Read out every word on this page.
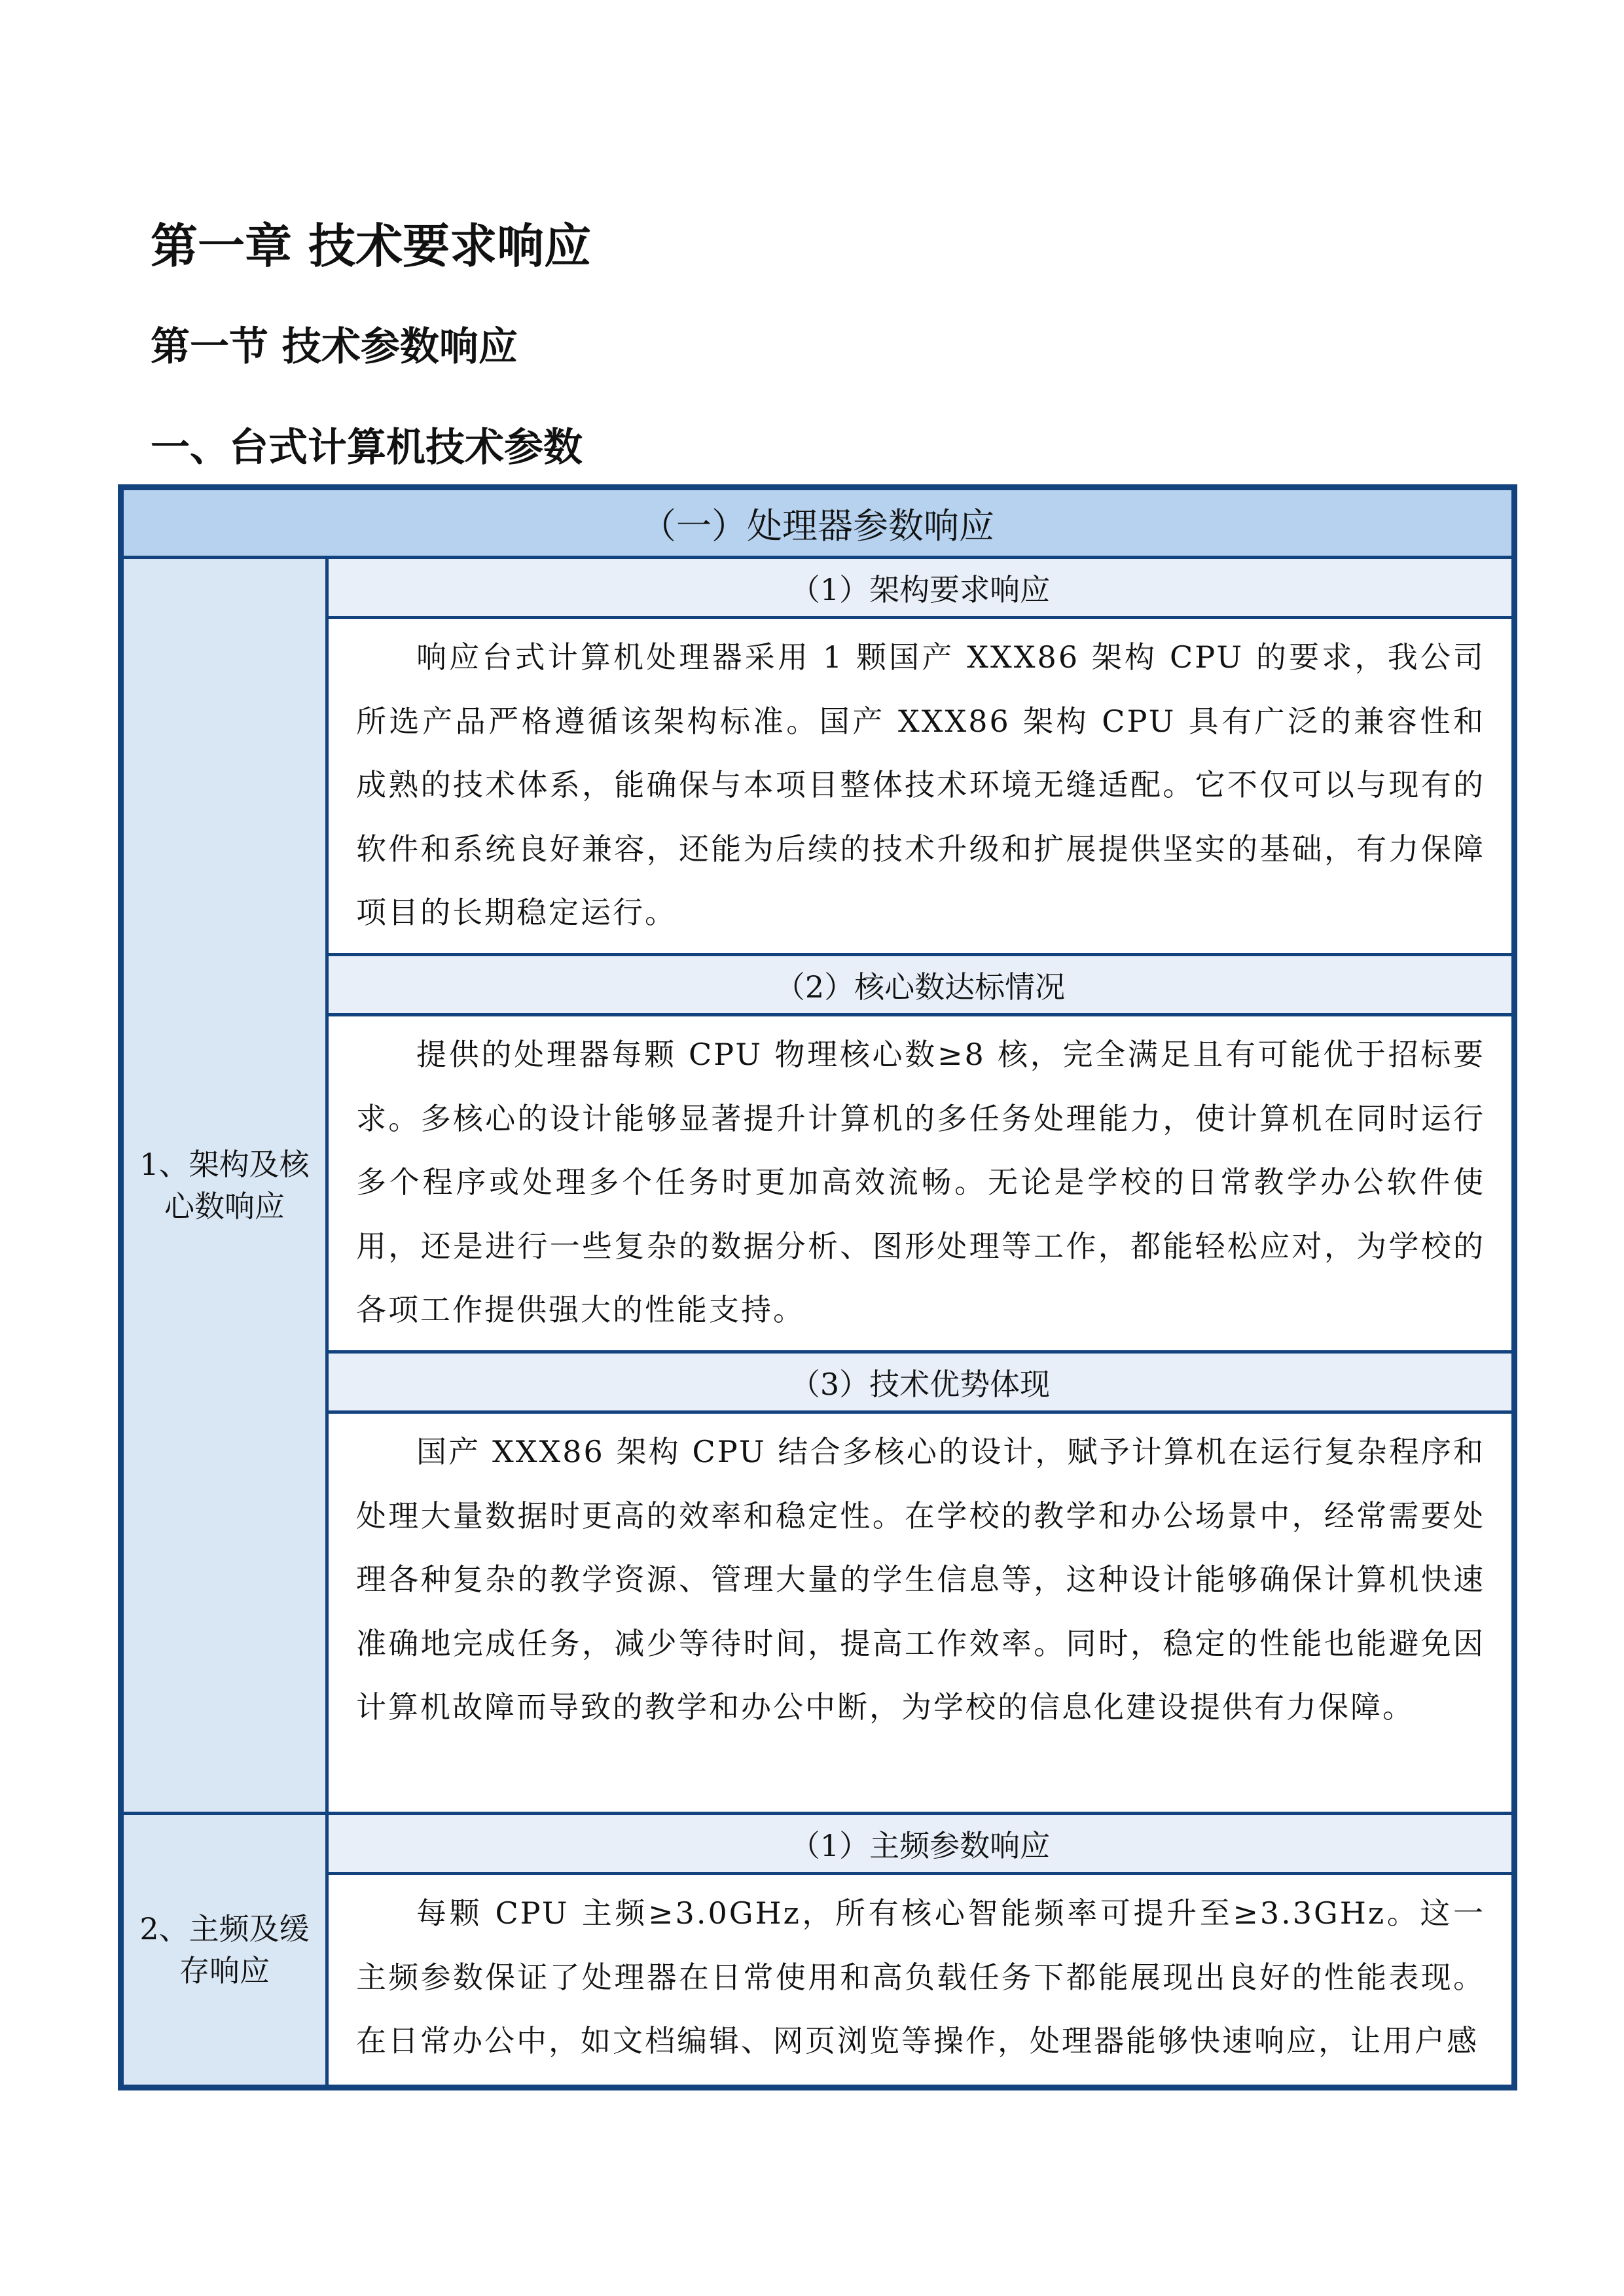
第一章 技术要求响应
第一节 技术参数响应
一、台式计算机技术参数
（一）处理器参数响应	
1、架构及核心数响应	（1）架构要求响应

	响应台式计算机处理器采用 1 颗国产 XXX86 架构 CPU 的要求，我公司所选产品严格遵循该架构标准。国产 XXX86 架构 CPU 具有广泛的兼容性和成熟的技术体系，能确保与本项目整体技术环境无缝适配。它不仅可以与现有的软件和系统良好兼容，还能为后续的技术升级和扩展提供坚实的基础，有力保障项目的长期稳定运行。

	（2）核心数达标情况

	提供的处理器每颗 CPU 物理核心数≥8 核，完全满足且有可能优于招标要求。多核心的设计能够显著提升计算机的多任务处理能力，使计算机在同时运行多个程序或处理多个任务时更加高效流畅。无论是学校的日常教学办公软件使用，还是进行一些复杂的数据分析、图形处理等工作，都能轻松应对，为学校的各项工作提供强大的性能支持。

	（3）技术优势体现

	国产 XXX86 架构 CPU 结合多核心的设计，赋予计算机在运行复杂程序和处理大量数据时更高的效率和稳定性。在学校的教学和办公场景中，经常需要处理各种复杂的教学资源、管理大量的学生信息等，这种设计能够确保计算机快速准确地完成任务，减少等待时间，提高工作效率。同时，稳定的性能也能避免因计算机故障而导致的教学和办公中断，为学校的信息化建设提供有力保障。

2、主频及缓存响应	（1）主频参数响应

	每颗 CPU 主频≥3.0GHz，所有核心智能频率可提升至≥3.3GHz。这一主频参数保证了处理器在日常使用和高负载任务下都能展现出良好的性能表现。在日常办公中，如文档编辑、网页浏览等操作，处理器能够快速响应，让用户感
